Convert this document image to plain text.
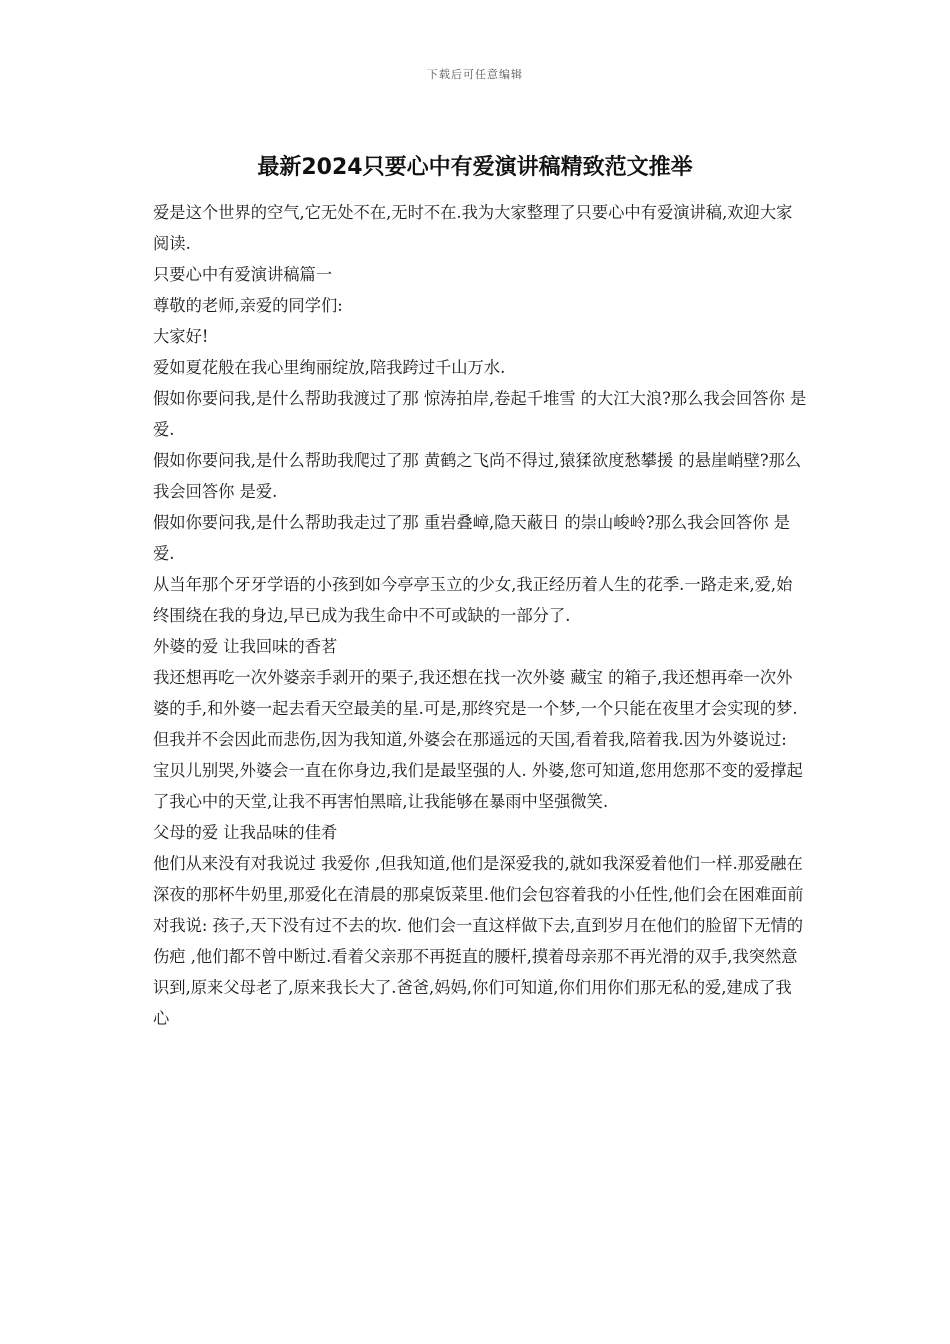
下载后可任意编辑
最新2024只要心中有爱演讲稿精致范文推举

爱是这个世界的空气,它无处不在,无时不在.我为大家整理了只要心中有爱演讲稿,欢迎大家阅读.

只要心中有爱演讲稿篇一

尊敬的老师,亲爱的同学们:

大家好!

爱如夏花般在我心里绚丽绽放,陪我跨过千山万水.

假如你要问我,是什么帮助我渡过了那 惊涛拍岸,卷起千堆雪 的大江大浪?那么我会回答你 是爱.

假如你要问我,是什么帮助我爬过了那 黄鹤之飞尚不得过,猿猱欲度愁攀援 的悬崖峭壁?那么我会回答你 是爱.

假如你要问我,是什么帮助我走过了那 重岩叠嶂,隐天蔽日 的崇山峻岭?那么我会回答你 是爱.

从当年那个牙牙学语的小孩到如今亭亭玉立的少女,我正经历着人生的花季.一路走来,爱,始终围绕在我的身边,早已成为我生命中不可或缺的一部分了.

外婆的爱 让我回味的香茗

我还想再吃一次外婆亲手剥开的栗子,我还想在找一次外婆 藏宝 的箱子,我还想再牵一次外婆的手,和外婆一起去看天空最美的星.可是,那终究是一个梦,一个只能在夜里才会实现的梦.但我并不会因此而悲伤,因为我知道,外婆会在那遥远的天国,看着我,陪着我.因为外婆说过: 宝贝儿别哭,外婆会一直在你身边,我们是最坚强的人. 外婆,您可知道,您用您那不变的爱撑起了我心中的天堂,让我不再害怕黑暗,让我能够在暴雨中坚强微笑.

父母的爱 让我品味的佳肴

他们从来没有对我说过 我爱你 ,但我知道,他们是深爱我的,就如我深爱着他们一样.那爱融在深夜的那杯牛奶里,那爱化在清晨的那桌饭菜里.他们会包容着我的小任性,他们会在困难面前对我说: 孩子,天下没有过不去的坎. 他们会一直这样做下去,直到岁月在他们的脸留下无情的 伤疤 ,他们都不曾中断过.看着父亲那不再挺直的腰杆,摸着母亲那不再光滑的双手,我突然意识到,原来父母老了,原来我长大了.爸爸,妈妈,你们可知道,你们用你们那无私的爱,建成了我心
